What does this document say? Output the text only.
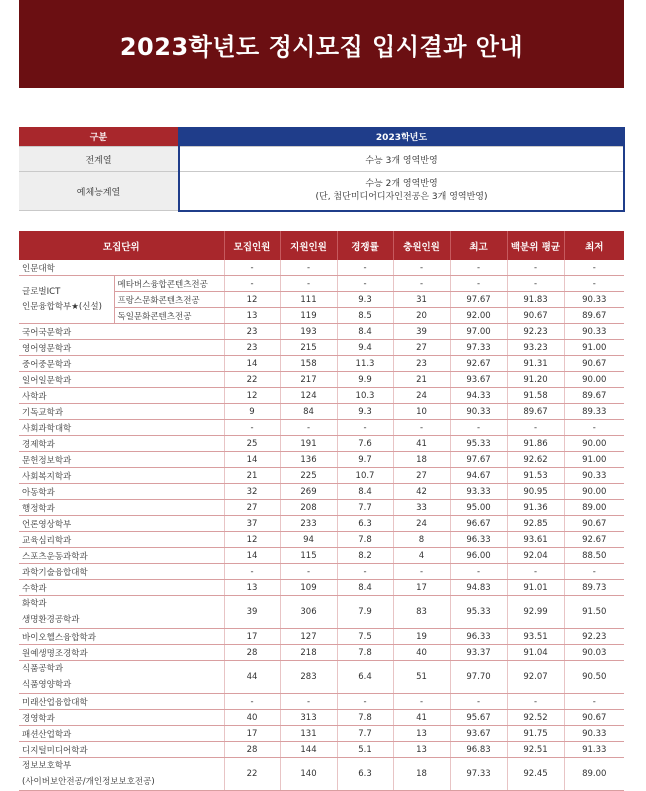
2023학년도 정시모집 입시결과 안내
구분	2023학년도
전계열	수능 3개 영역반영
예체능계열	수능 2개 영역반영
(단, 첨단미디어디자인전공은 3개 영역반영)
모집단위		모집인원	지원인원	경쟁률	충원인원	최고	백분위 평균	최저
인문대학		-	-	-	-	-	-	-

글로벌ICT
인문융합학부★(신설)	메타버스융합콘텐츠전공	-	-	-	-	-	-	-
	프랑스문화콘텐츠전공	12	111	9.3	31	97.67	91.83	90.33
	독일문화콘텐츠전공	13	119	8.5	20	92.00	90.67	89.67
국어국문학과		23	193	8.4	39	97.00	92.23	90.33
영어영문학과		23	215	9.4	27	97.33	93.23	91.00
중어중문학과		14	158	11.3	23	92.67	91.31	90.67
일어일문학과		22	217	9.9	21	93.67	91.20	90.00
사학과		12	124	10.3	24	94.33	91.58	89.67
기독교학과		9	84	9.3	10	90.33	89.67	89.33
사회과학대학		-	-	-	-	-	-	-
경제학과		25	191	7.6	41	95.33	91.86	90.00
문헌정보학과		14	136	9.7	18	97.67	92.62	91.00
사회복지학과		21	225	10.7	27	94.67	91.53	90.33
아동학과		32	269	8.4	42	93.33	90.95	90.00
행정학과		27	208	7.7	33	95.00	91.36	89.00
언론영상학부		37	233	6.3	24	96.67	92.85	90.67
교육심리학과		12	94	7.8	8	96.33	93.61	92.67
스포츠운동과학과		14	115	8.2	4	96.00	92.04	88.50
과학기술융합대학		-	-	-	-	-	-	-
수학과		13	109	8.4	17	94.83	91.01	89.73

화학과
생명환경공학과		39	306	7.9	83	95.33	92.99	91.50
바이오헬스융합학과		17	127	7.5	19	96.33	93.51	92.23
원예생명조경학과		28	218	7.8	40	93.37	91.04	90.03

식품공학과
식품영양학과		44	283	6.4	51	97.70	92.07	90.50
미래산업융합대학		-	-	-	-	-	-	-
경영학과		40	313	7.8	41	95.67	92.52	90.67
패션산업학과		17	131	7.7	13	93.67	91.75	90.33
디지털미디어학과		28	144	5.1	13	96.83	92.51	91.33

정보보호학부
(사이버보안전공/개인정보보호전공)		22	140	6.3	18	97.33	92.45	89.00
